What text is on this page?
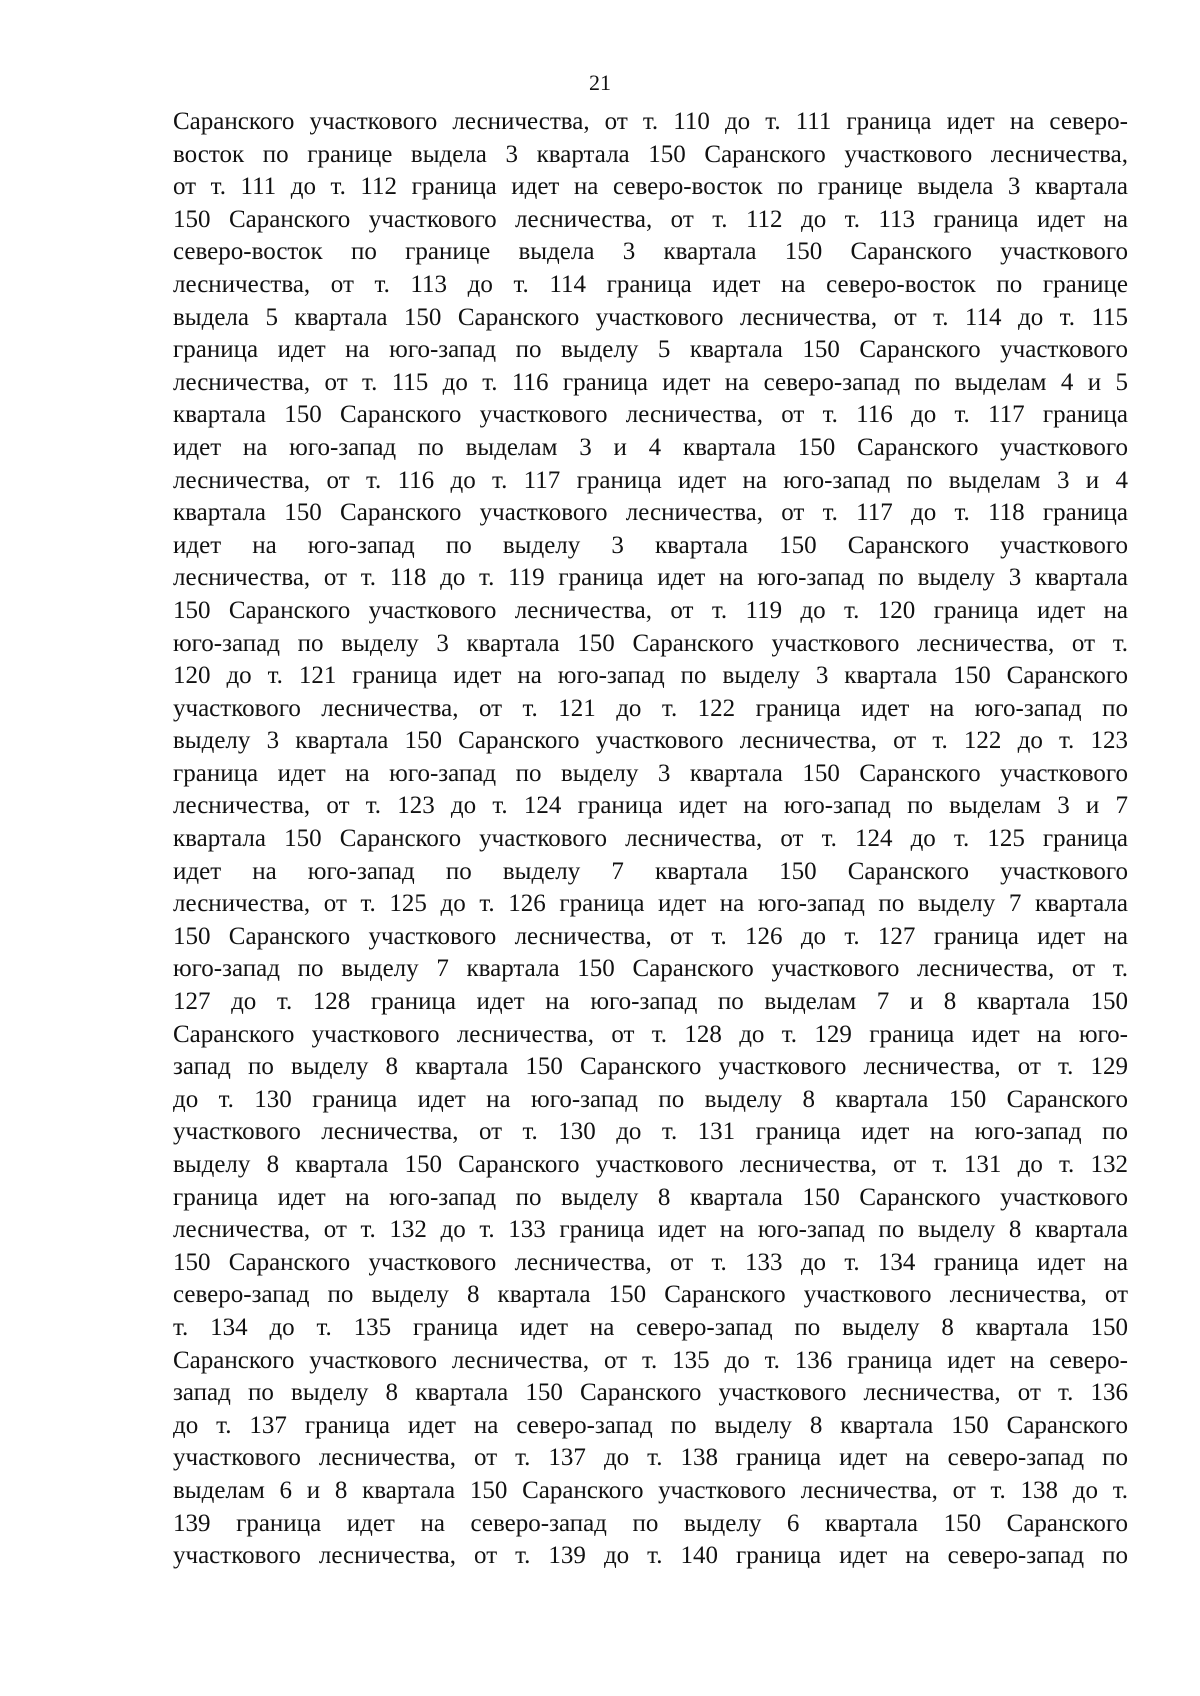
21
Саранского участкового лесничества, от т. 110 до т. 111 граница идет на северо-
восток по границе выдела 3 квартала 150 Саранского участкового лесничества,
от т. 111 до т. 112 граница идет на северо-восток по границе выдела 3 квартала
150 Саранского участкового лесничества, от т. 112 до т. 113 граница идет на
северо-восток по границе выдела 3 квартала 150 Саранского участкового
лесничества, от т. 113 до т. 114 граница идет на северо-восток по границе
выдела 5 квартала 150 Саранского участкового лесничества, от т. 114 до т. 115
граница идет на юго-запад по выделу 5 квартала 150 Саранского участкового
лесничества, от т. 115 до т. 116 граница идет на северо-запад по выделам 4 и 5
квартала 150 Саранского участкового лесничества, от т. 116 до т. 117 граница
идет на юго-запад по выделам 3 и 4 квартала 150 Саранского участкового
лесничества, от т. 116 до т. 117 граница идет на юго-запад по выделам 3 и 4
квартала 150 Саранского участкового лесничества, от т. 117 до т. 118 граница
идет на юго-запад по выделу 3 квартала 150 Саранского участкового
лесничества, от т. 118 до т. 119 граница идет на юго-запад по выделу 3 квартала
150 Саранского участкового лесничества, от т. 119 до т. 120 граница идет на
юго-запад по выделу 3 квартала 150 Саранского участкового лесничества, от т.
120 до т. 121 граница идет на юго-запад по выделу 3 квартала 150 Саранского
участкового лесничества, от т. 121 до т. 122 граница идет на юго-запад по
выделу 3 квартала 150 Саранского участкового лесничества, от т. 122 до т. 123
граница идет на юго-запад по выделу 3 квартала 150 Саранского участкового
лесничества, от т. 123 до т. 124 граница идет на юго-запад по выделам 3 и 7
квартала 150 Саранского участкового лесничества, от т. 124 до т. 125 граница
идет на юго-запад по выделу 7 квартала 150 Саранского участкового
лесничества, от т. 125 до т. 126 граница идет на юго-запад по выделу 7 квартала
150 Саранского участкового лесничества, от т. 126 до т. 127 граница идет на
юго-запад по выделу 7 квартала 150 Саранского участкового лесничества, от т.
127 до т. 128 граница идет на юго-запад по выделам 7 и 8 квартала 150
Саранского участкового лесничества, от т. 128 до т. 129 граница идет на юго-
запад по выделу 8 квартала 150 Саранского участкового лесничества, от т. 129
до т. 130 граница идет на юго-запад по выделу 8 квартала 150 Саранского
участкового лесничества, от т. 130 до т. 131 граница идет на юго-запад по
выделу 8 квартала 150 Саранского участкового лесничества, от т. 131 до т. 132
граница идет на юго-запад по выделу 8 квартала 150 Саранского участкового
лесничества, от т. 132 до т. 133 граница идет на юго-запад по выделу 8 квартала
150 Саранского участкового лесничества, от т. 133 до т. 134 граница идет на
северо-запад по выделу 8 квартала 150 Саранского участкового лесничества, от
т. 134 до т. 135 граница идет на северо-запад по выделу 8 квартала 150
Саранского участкового лесничества, от т. 135 до т. 136 граница идет на северо-
запад по выделу 8 квартала 150 Саранского участкового лесничества, от т. 136
до т. 137 граница идет на северо-запад по выделу 8 квартала 150 Саранского
участкового лесничества, от т. 137 до т. 138 граница идет на северо-запад по
выделам 6 и 8 квартала 150 Саранского участкового лесничества, от т. 138 до т.
139 граница идет на северо-запад по выделу 6 квартала 150 Саранского
участкового лесничества, от т. 139 до т. 140 граница идет на северо-запад по
